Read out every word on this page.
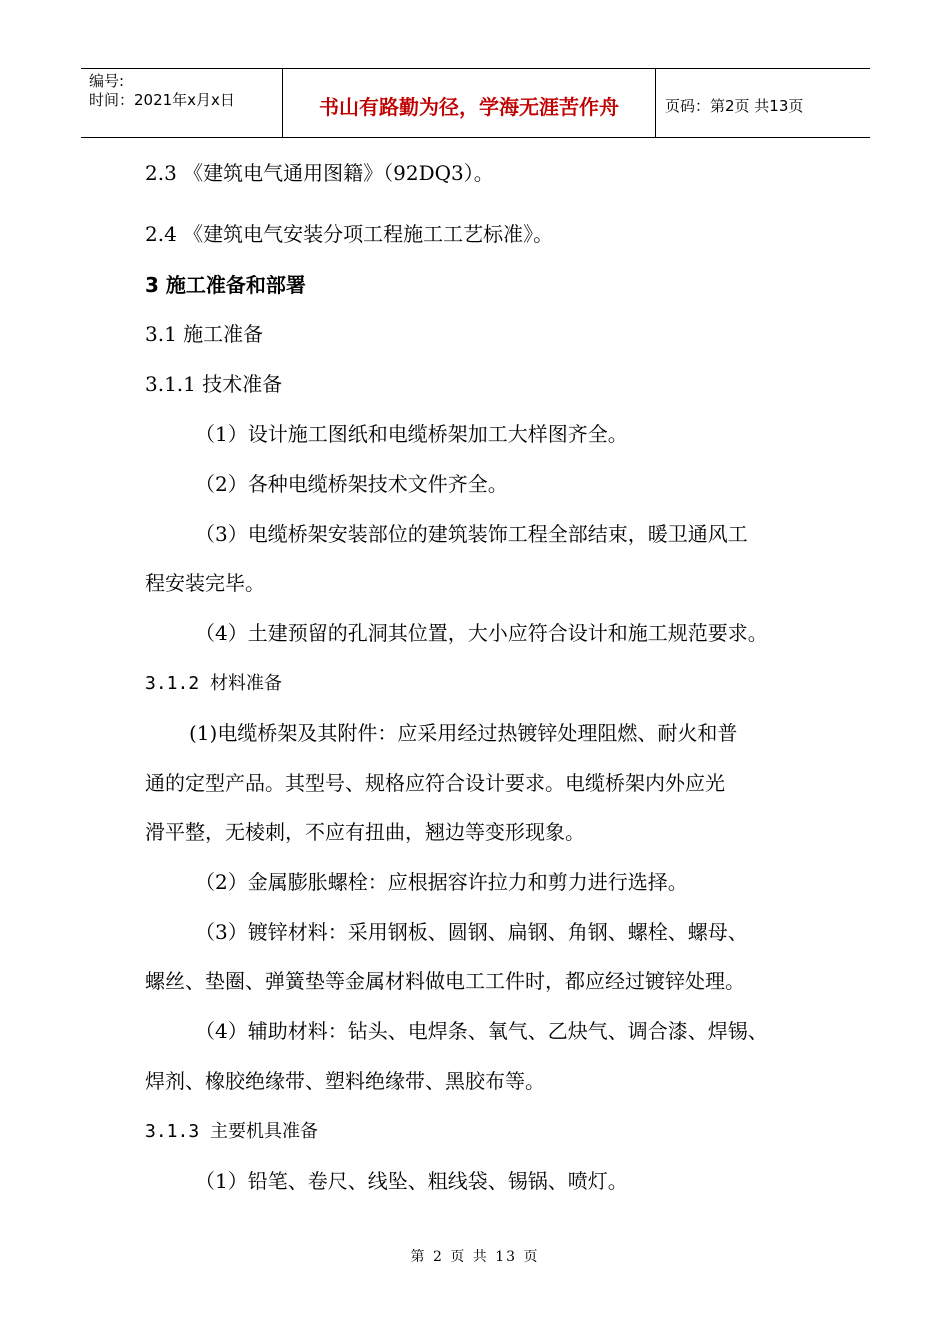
编号:
时间：2021年x月x日	书山有路勤为径，学海无涯苦作舟	页码：第2页 共13页
2.3 《建筑电气通用图籍》（92DQ3）。
2.4 《建筑电气安装分项工程施工工艺标准》。
3 施工准备和部署
3.1 施工准备
3.1.1 技术准备
（1）设计施工图纸和电缆桥架加工大样图齐全。
（2）各种电缆桥架技术文件齐全。
（3）电缆桥架安装部位的建筑装饰工程全部结束，暖卫通风工
程安装完毕。
（4）土建预留的孔洞其位置，大小应符合设计和施工规范要求。
3.1.2 材料准备
(1)电缆桥架及其附件：应采用经过热镀锌处理阻燃、耐火和普
通的定型产品。其型号、规格应符合设计要求。电缆桥架内外应光
滑平整，无棱刺，不应有扭曲，翘边等变形现象。
（2）金属膨胀螺栓：应根据容许拉力和剪力进行选择。
（3）镀锌材料：采用钢板、圆钢、扁钢、角钢、螺栓、螺母、
螺丝、垫圈、弹簧垫等金属材料做电工工件时，都应经过镀锌处理。
（4）辅助材料：钻头、电焊条、氧气、乙炔气、调合漆、焊锡、
焊剂、橡胶绝缘带、塑料绝缘带、黑胶布等。
3.1.3 主要机具准备
（1）铅笔、卷尺、线坠、粗线袋、锡锅、喷灯。
第 2 页 共 13 页
